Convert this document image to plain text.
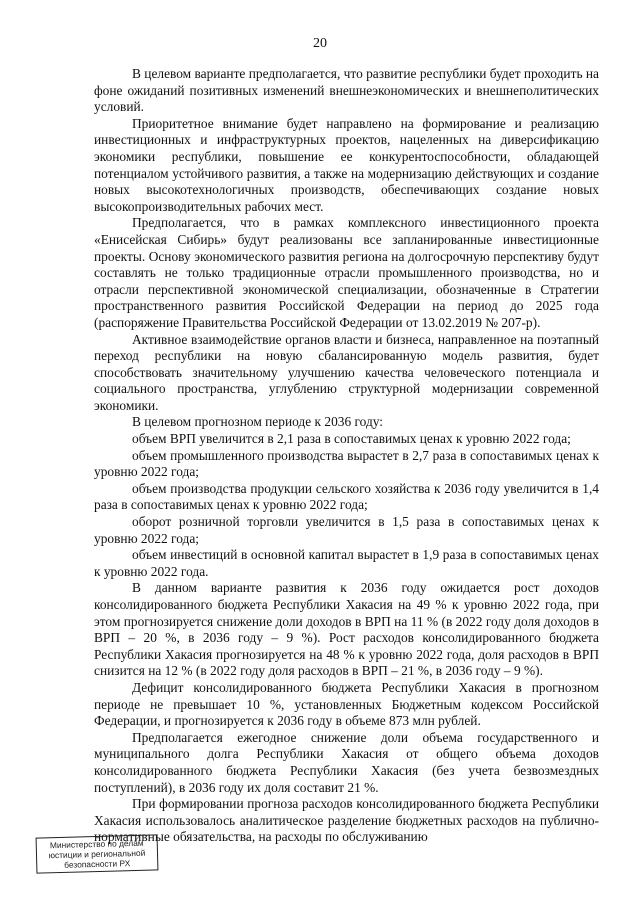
20

В целевом варианте предполагается, что развитие республики будет проходить на фоне ожиданий позитивных изменений внешнеэкономических и внешнеполитических условий.

Приоритетное внимание будет направлено на формирование и реализацию инвестиционных и инфраструктурных проектов, нацеленных на диверсификацию экономики республики, повышение ее конкурентоспособности, обладающей потенциалом устойчивого развития, а также на модернизацию действующих и создание новых высокотехнологичных производств, обеспечивающих создание новых высокопроизводительных рабочих мест.

Предполагается, что в рамках комплексного инвестиционного проекта «Енисейская Сибирь» будут реализованы все запланированные инвестиционные проекты. Основу экономического развития региона на долгосрочную перспективу будут составлять не только традиционные отрасли промышленного производства, но и отрасли перспективной экономической специализации, обозначенные в Стратегии пространственного развития Российской Федерации на период до 2025 года (распоряжение Правительства Российской Федерации от 13.02.2019 № 207-р).

Активное взаимодействие органов власти и бизнеса, направленное на поэтапный переход республики на новую сбалансированную модель развития, будет способствовать значительному улучшению качества человеческого потенциала и социального пространства, углублению структурной модернизации современной экономики.

В целевом прогнозном периоде к 2036 году:

объем ВРП увеличится в 2,1 раза в сопоставимых ценах к уровню 2022 года;

объем промышленного производства вырастет в 2,7 раза в сопоставимых ценах к уровню 2022 года;

объем производства продукции сельского хозяйства к 2036 году увеличится в 1,4 раза в сопоставимых ценах к уровню 2022 года;

оборот розничной торговли увеличится в 1,5 раза в сопоставимых ценах к уровню 2022 года;

объем инвестиций в основной капитал вырастет в 1,9 раза в сопоставимых ценах к уровню 2022 года.

В данном варианте развития к 2036 году ожидается рост доходов консолидированного бюджета Республики Хакасия на 49 % к уровню 2022 года, при этом прогнозируется снижение доли доходов в ВРП на 11 % (в 2022 году доля доходов в ВРП – 20 %, в 2036 году – 9 %). Рост расходов консолидированного бюджета Республики Хакасия прогнозируется на 48 % к уровню 2022 года, доля расходов в ВРП снизится на 12 % (в 2022 году доля расходов в ВРП – 21 %, в 2036 году – 9 %).

Дефицит консолидированного бюджета Республики Хакасия в прогнозном периоде не превышает 10 %, установленных Бюджетным кодексом Российской Федерации, и прогнозируется к 2036 году в объеме 873 млн рублей.

Предполагается ежегодное снижение доли объема государственного и муниципального долга Республики Хакасия от общего объема доходов консолидированного бюджета Республики Хакасия (без учета безвозмездных поступлений), в 2036 году их доля составит 21 %.

При формировании прогноза расходов консолидированного бюджета Республики Хакасия использовалось аналитическое разделение бюджетных расходов на публично-нормативные обязательства, на расходы по обслуживанию

Министерство по делам
юстиции и региональной
безопасности РХ
